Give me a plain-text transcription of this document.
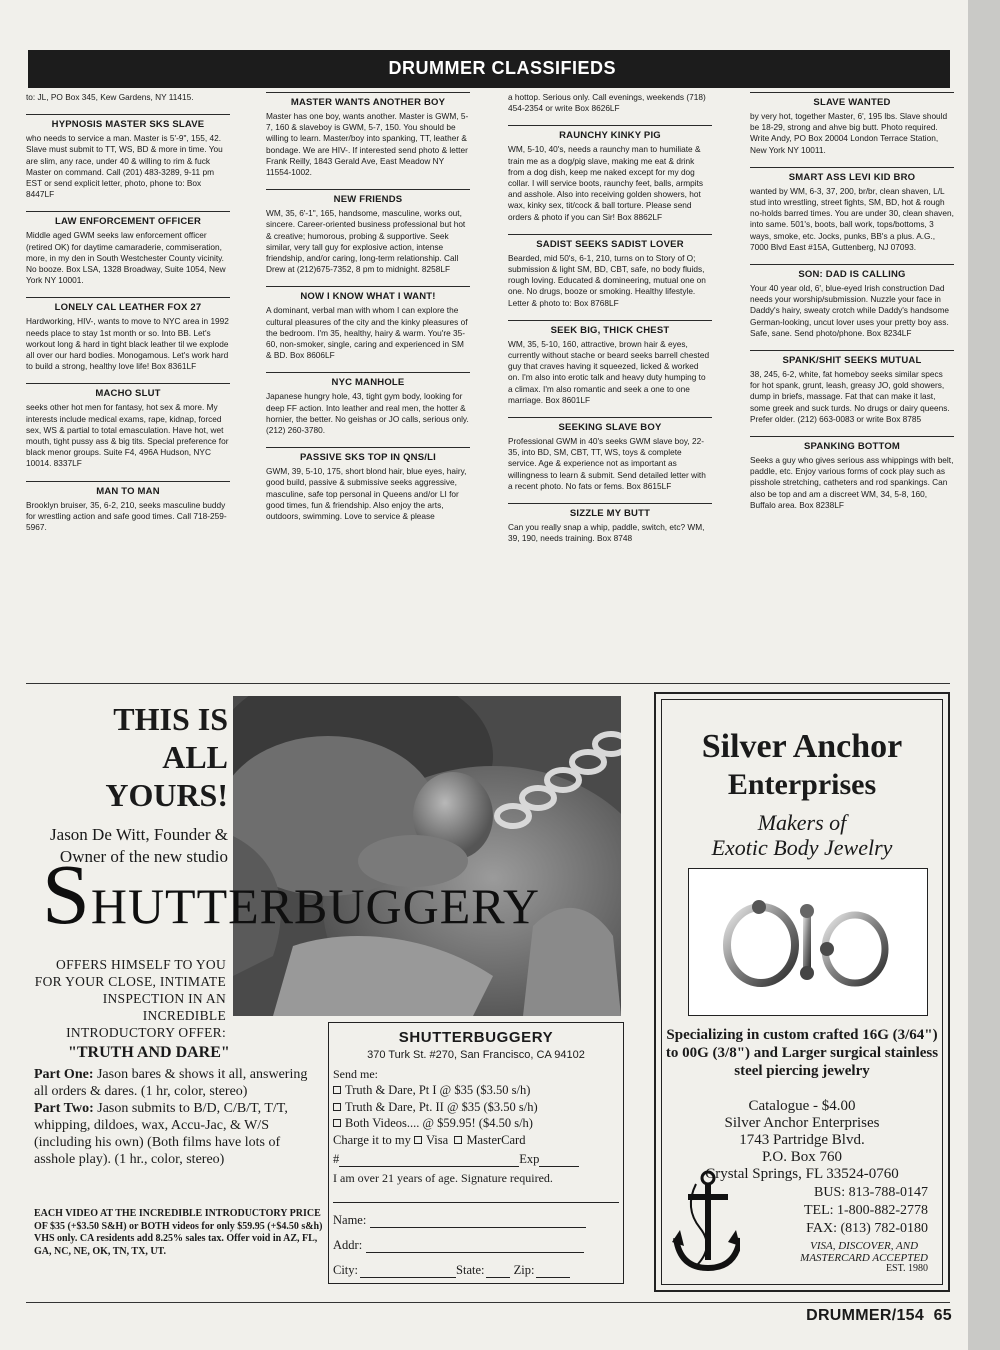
DRUMMER CLASSIFIEDS

to: JL, PO Box 345, Kew Gardens, NY 11415.

HYPNOSIS MASTER SKS SLAVE

who needs to service a man. Master is 5'-9", 155, 42. Slave must submit to TT, WS, BD & more in time. You are slim, any race, under 40 & willing to rim & fuck Master on command. Call (201) 483-3289, 9-11 pm EST or send explicit letter, photo, phone to: Box 8447LF

LAW ENFORCEMENT OFFICER

Middle aged GWM seeks law enforcement officer (retired OK) for daytime camaraderie, commiseration, more, in my den in South Westchester County vicinity. No booze. Box LSA, 1328 Broadway, Suite 1054, New York NY 10001.

LONELY CAL LEATHER FOX 27

Hardworking, HIV-, wants to move to NYC area in 1992 needs place to stay 1st month or so. Into BB. Let's workout long & hard in tight black leather til we explode all over our hard bodies. Monogamous. Let's work hard to build a strong, healthy love life! Box 8361LF

MACHO SLUT

seeks other hot men for fantasy, hot sex & more. My interests include medical exams, rape, kidnap, forced sex, WS & partial to total emasculation. Have hot, wet mouth, tight pussy ass & big tits. Special preference for black menor groups. Suite F4, 496A Hudson, NYC 10014. 8337LF

MAN TO MAN

Brooklyn bruiser, 35, 6-2, 210, seeks masculine buddy for wrestling action and safe good times. Call 718-259-5967.

MASTER WANTS ANOTHER BOY

Master has one boy, wants another. Master is GWM, 5-7, 160 & slaveboy is GWM, 5-7, 150. You should be willing to learn. Master/boy into spanking, TT, leather & bondage. We are HIV-. If interested send photo & letter Frank Reilly, 1843 Gerald Ave, East Meadow NY 11554-1002.

NEW FRIENDS

WM, 35, 6'-1", 165, handsome, masculine, works out, sincere. Career-oriented business professional but hot & creative; humorous, probing & supportive. Seek similar, very tall guy for explosive action, intense friendship, and/or caring, long-term relationship. Call Drew at (212)675-7352, 8 pm to midnight. 8258LF

NOW I KNOW WHAT I WANT!

A dominant, verbal man with whom I can explore the cultural pleasures of the city and the kinky pleasures of the bedroom. I'm 35, healthy, hairy & warm. You're 35-60, non-smoker, single, caring and experienced in SM & BD. Box 8606LF

NYC MANHOLE

Japanese hungry hole, 43, tight gym body, looking for deep FF action. Into leather and real men, the hotter & hornier, the better. No geishas or JO calls, serious only. (212) 260-3780.

PASSIVE SKS TOP IN QNS/LI

GWM, 39, 5-10, 175, short blond hair, blue eyes, hairy, good build, passive & submissive seeks aggressive, masculine, safe top personal in Queens and/or LI for good times, fun & friendship. Also enjoy the arts, outdoors, swimming. Love to service & please

a hottop. Serious only. Call evenings, weekends (718) 454-2354 or write Box 8626LF

RAUNCHY KINKY PIG

WM, 5-10, 40's, needs a raunchy man to humiliate & train me as a dog/pig slave, making me eat & drink from a dog dish, keep me naked except for my dog collar. I will service boots, raunchy feet, balls, armpits and asshole. Also into receiving golden showers, hot wax, kinky sex, tit/cock & ball torture. Please send orders & photo if you can Sir! Box 8862LF

SADIST SEEKS SADIST LOVER

Bearded, mid 50's, 6-1, 210, turns on to Story of O; submission & light SM, BD, CBT, safe, no body fluids, rough loving. Educated & domineering, mutual one on one. No drugs, booze or smoking. Healthy lifestyle. Letter & photo to: Box 8768LF

SEEK BIG, THICK CHEST

WM, 35, 5-10, 160, attractive, brown hair & eyes, currently without stache or beard seeks barrell chested guy that craves having it squeezed, licked & worked on. I'm also into erotic talk and heavy duty humping to a climax. I'm also romantic and seek a one to one marriage. Box 8601LF

SEEKING SLAVE BOY

Professional GWM in 40's seeks GWM slave boy, 22-35, into BD, SM, CBT, TT, WS, toys & complete service. Age & experience not as important as willingness to learn & submit. Send detailed letter with a recent photo. No fats or fems. Box 8615LF

SIZZLE MY BUTT

Can you really snap a whip, paddle, switch, etc? WM, 39, 190, needs training. Box 8748

SLAVE WANTED

by very hot, together Master, 6', 195 lbs. Slave should be 18-29, strong and ahve big butt. Photo required. Write Andy, PO Box 20004 London Terrace Station, New York NY 10011.

SMART ASS LEVI KID BRO

wanted by WM, 6-3, 37, 200, br/br, clean shaven, L/L stud into wrestling, street fights, SM, BD, hot & rough no-holds barred times. You are under 30, clean shaven, into same. 501's, boots, ball work, tops/bottoms, 3 ways, smoke, etc. Jocks, punks, BB's a plus. A.G., 7000 Blvd East #15A, Guttenberg, NJ 07093.

SON: DAD IS CALLING

Your 40 year old, 6', blue-eyed Irish construction Dad needs your worship/submission. Nuzzle your face in Daddy's hairy, sweaty crotch while Daddy's handsome German-looking, uncut lover uses your pretty boy ass. Safe, sane. Send photo/phone. Box 8234LF

SPANK/SHIT SEEKS MUTUAL

38, 245, 6-2, white, fat homeboy seeks similar specs for hot spank, grunt, leash, greasy JO, gold showers, dump in briefs, massage. Fat that can make it last, some greek and suck turds. No drugs or dairy queens. Prefer older. (212) 663-0083 or write Box 8785

SPANKING BOTTOM

Seeks a guy who gives serious ass whippings with belt, paddle, etc. Enjoy various forms of cock play such as pisshole stretching, catheters and rod spankings. Can also be top and am a discreet WM, 34, 5-8, 160, Buffalo area. Box 8238LF

THIS IS ALL YOURS!
Jason De Witt, Founder & Owner of the new studio
SHUTTERBUGGERY
OFFERS HIMSELF TO YOU FOR YOUR CLOSE, INTIMATE INSPECTION IN AN INCREDIBLE INTRODUCTORY OFFER:
"TRUTH AND DARE"
Part One: Jason bares & shows it all, answering all orders & dares. (1 hr, color, stereo)
Part Two: Jason submits to B/D, C/B/T, T/T, whipping, dildoes, wax, Accu-Jac, & W/S (including his own) (Both films have lots of asshole play). (1 hr., color, stereo)
EACH VIDEO AT THE INCREDIBLE INTRODUCTORY PRICE OF $35 (+$3.50 S&H) or BOTH videos for only $59.95 (+$4.50 s&h) VHS only. CA residents add 8.25% sales tax. Offer void in AZ, FL, GA, NC, NE, OK, TN, TX, UT.
SHUTTERBUGGERY
370 Turk St. #270, San Francisco, CA 94102
Send me:
Truth & Dare, Pt I @ $35 ($3.50 s/h)
Truth & Dare, Pt. II @ $35 ($3.50 s/h)
Both Videos.... @ $59.95! ($4.50 s/h)
Charge it to my Visa MasterCard
#	Exp
I am over 21 years of age. Signature required.
Name:
Addr:
City:	State:
Zip:
Silver Anchor
Enterprises
Makers of
Exotic Body Jewelry
Specializing in custom crafted 16G (3/64") to 00G (3/8") and Larger surgical stainless steel piercing jewelry
Catalogue - $4.00
Silver Anchor Enterprises
1743 Partridge Blvd.
P.O. Box 760
Crystal Springs, FL 33524-0760
BUS: 813-788-0147
TEL: 1-800-882-2778
FAX: (813) 782-0180
VISA, DISCOVER, AND
MASTERCARD ACCEPTED
EST. 1980
DRUMMER/154 65
